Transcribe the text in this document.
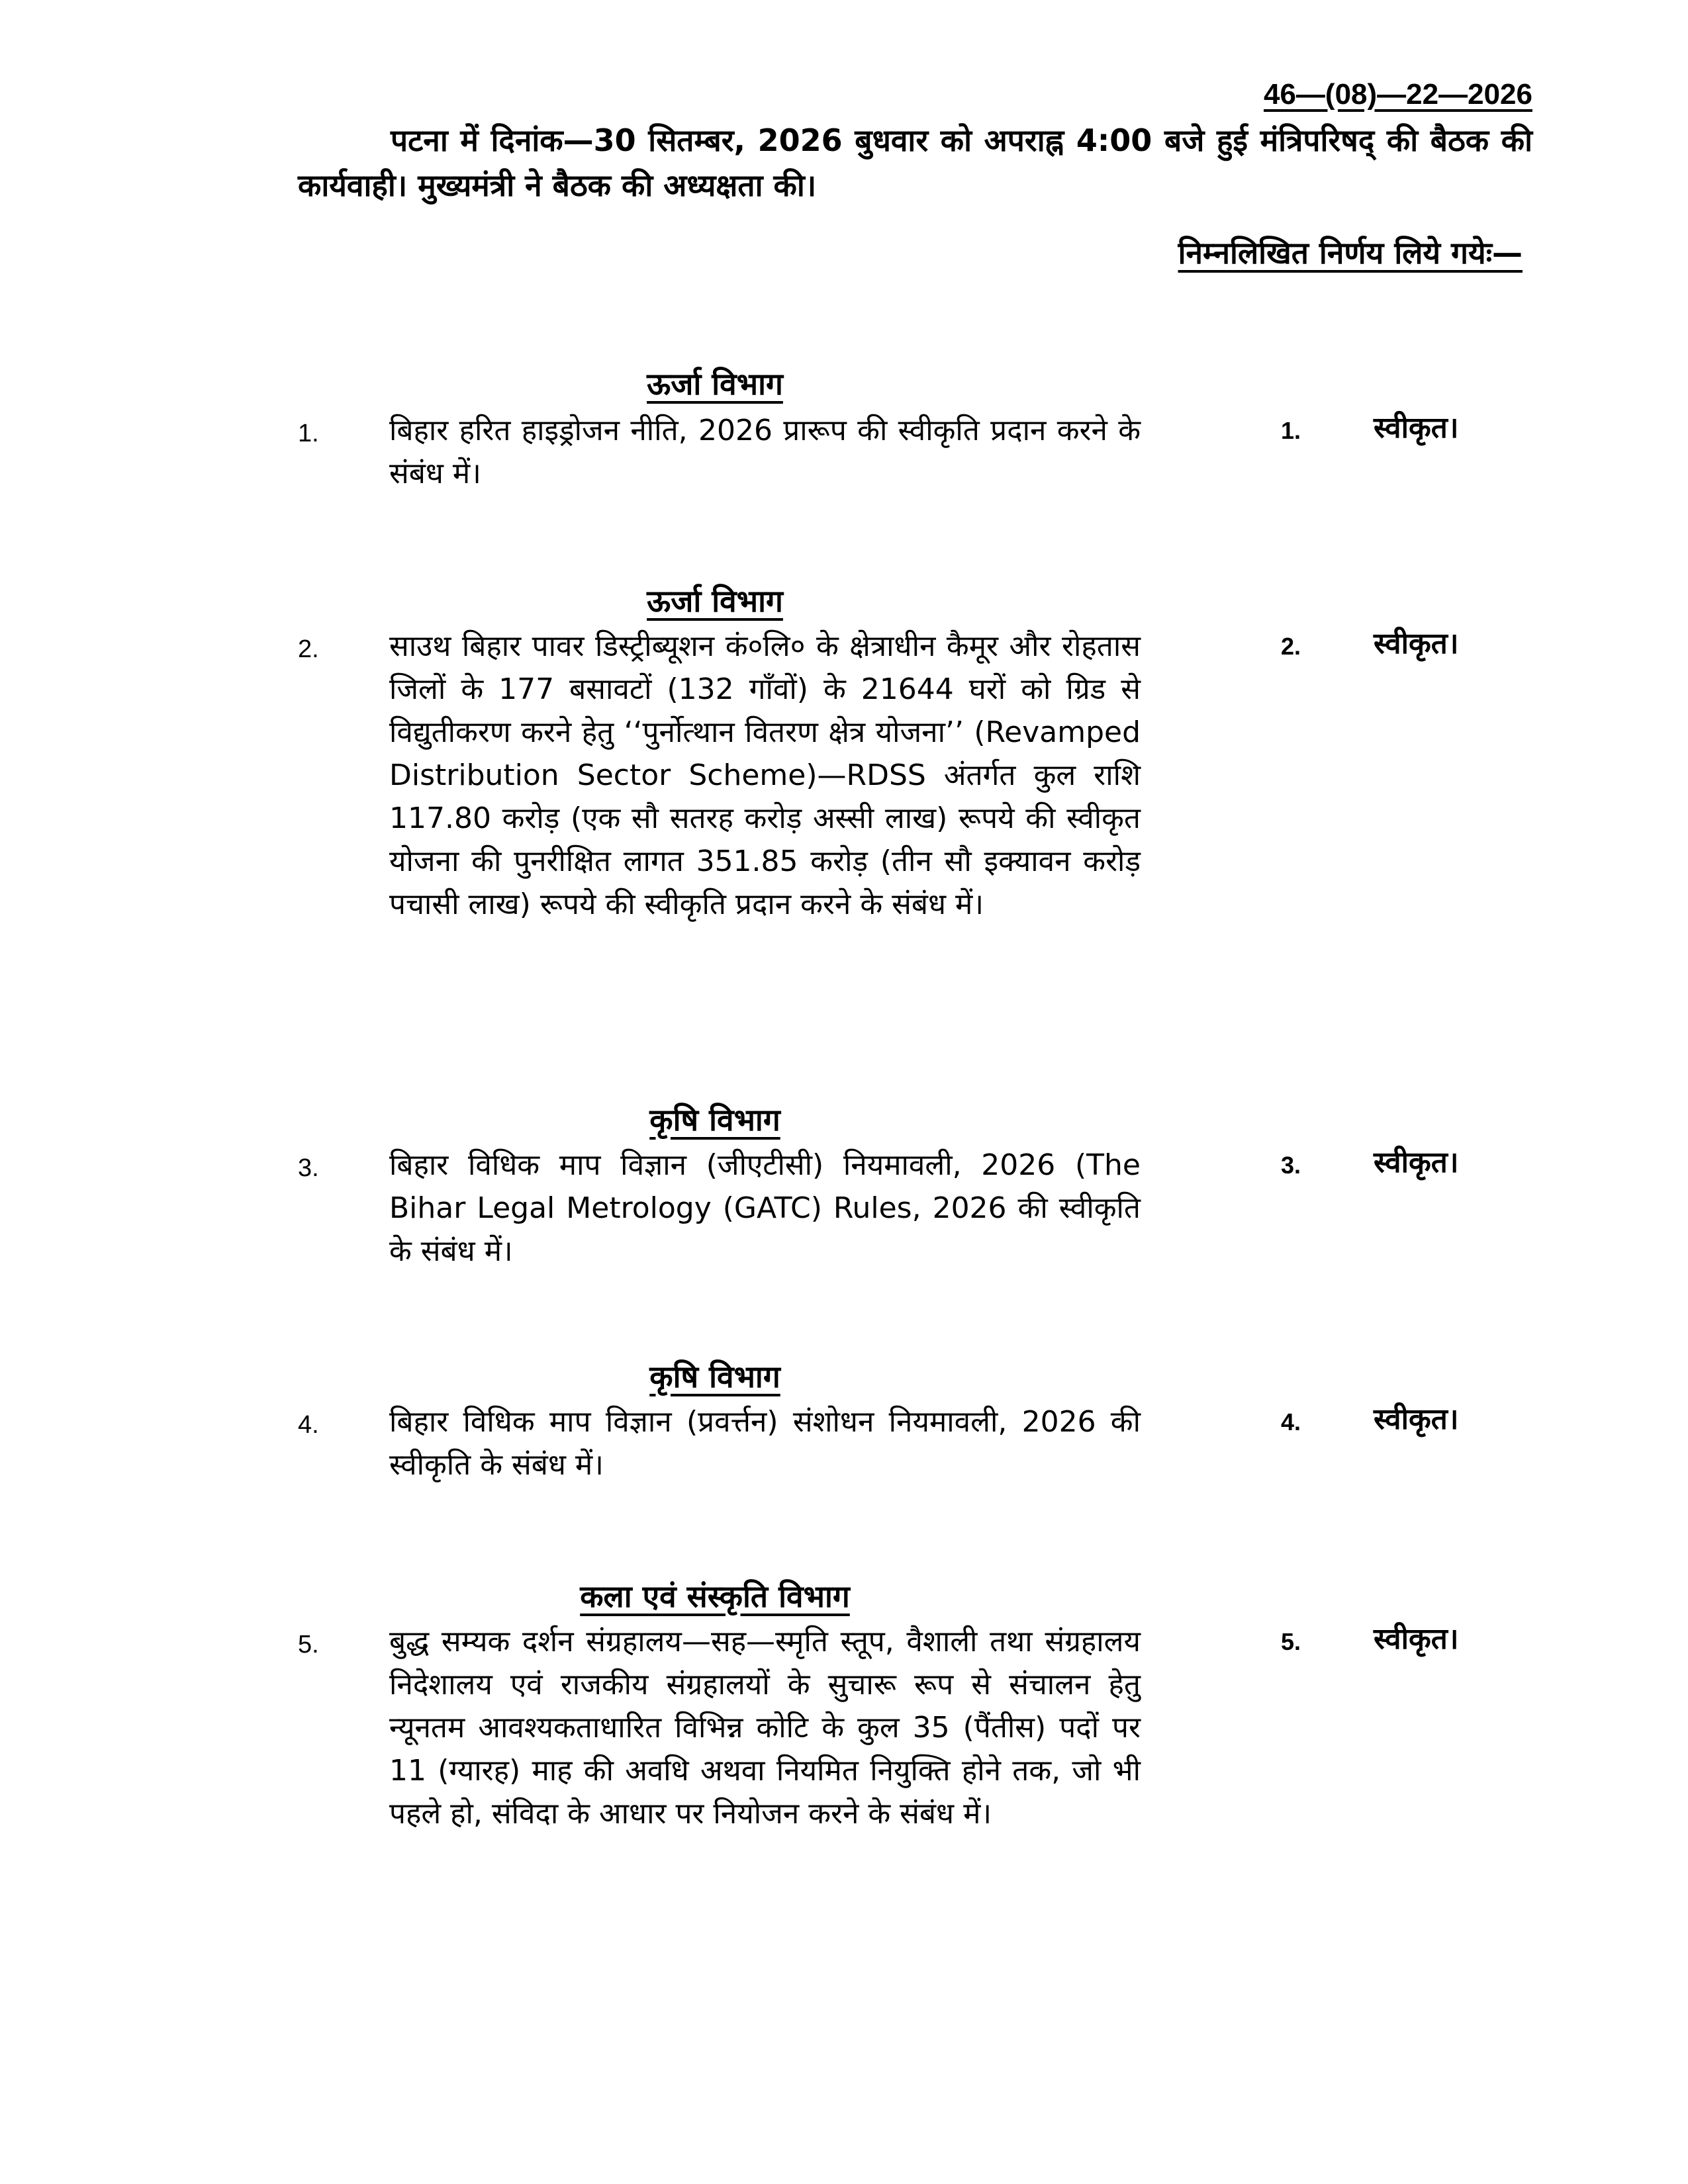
46—(08)—22—2026
पटना में दिनांक—30 सितम्बर, 2026 बुधवार को अपराह्न 4:00 बजे हुई मंत्रिपरिषद् की बैठक की कार्यवाही। मुख्यमंत्री ने बैठक की अध्यक्षता की।
निम्नलिखित निर्णय लिये गयेः—
ऊर्जा विभाग
1. बिहार हरित हाइड्रोजन नीति, 2026 प्रारूप की स्वीकृति प्रदान करने के संबंध में।
1. स्वीकृत।
ऊर्जा विभाग
2. साउथ बिहार पावर डिस्ट्रीब्यूशन कं०लि० के क्षेत्राधीन कैमूर और रोहतास जिलों के 177 बसावटों (132 गाँवों) के 21644 घरों को ग्रिड से विद्युतीकरण करने हेतु ‘‘पुर्नोत्थान वितरण क्षेत्र योजना’’ (Revamped Distribution Sector Scheme)—RDSS अंतर्गत कुल राशि 117.80 करोड़ (एक सौ सतरह करोड़ अस्सी लाख) रूपये की स्वीकृत योजना की पुनरीक्षित लागत 351.85 करोड़ (तीन सौ इक्यावन करोड़ पचासी लाख) रूपये की स्वीकृति प्रदान करने के संबंध में।
2. स्वीकृत।
कृषि विभाग
3. बिहार विधिक माप विज्ञान (जीएटीसी) नियमावली, 2026 (The Bihar Legal Metrology (GATC) Rules, 2026 की स्वीकृति के संबंध में।
3. स्वीकृत।
कृषि विभाग
4. बिहार विधिक माप विज्ञान (प्रवर्त्तन) संशोधन नियमावली, 2026 की स्वीकृति के संबंध में।
4. स्वीकृत।
कला एवं संस्कृति विभाग
5. बुद्ध सम्यक दर्शन संग्रहालय—सह—स्मृति स्तूप, वैशाली तथा संग्रहालय निदेशालय एवं राजकीय संग्रहालयों के सुचारू रूप से संचालन हेतु न्यूनतम आवश्यकताधारित विभिन्न कोटि के कुल 35 (पैंतीस) पदों पर 11 (ग्यारह) माह की अवधि अथवा नियमित नियुक्ति होने तक, जो भी पहले हो, संविदा के आधार पर नियोजन करने के संबंध में।
5. स्वीकृत।
